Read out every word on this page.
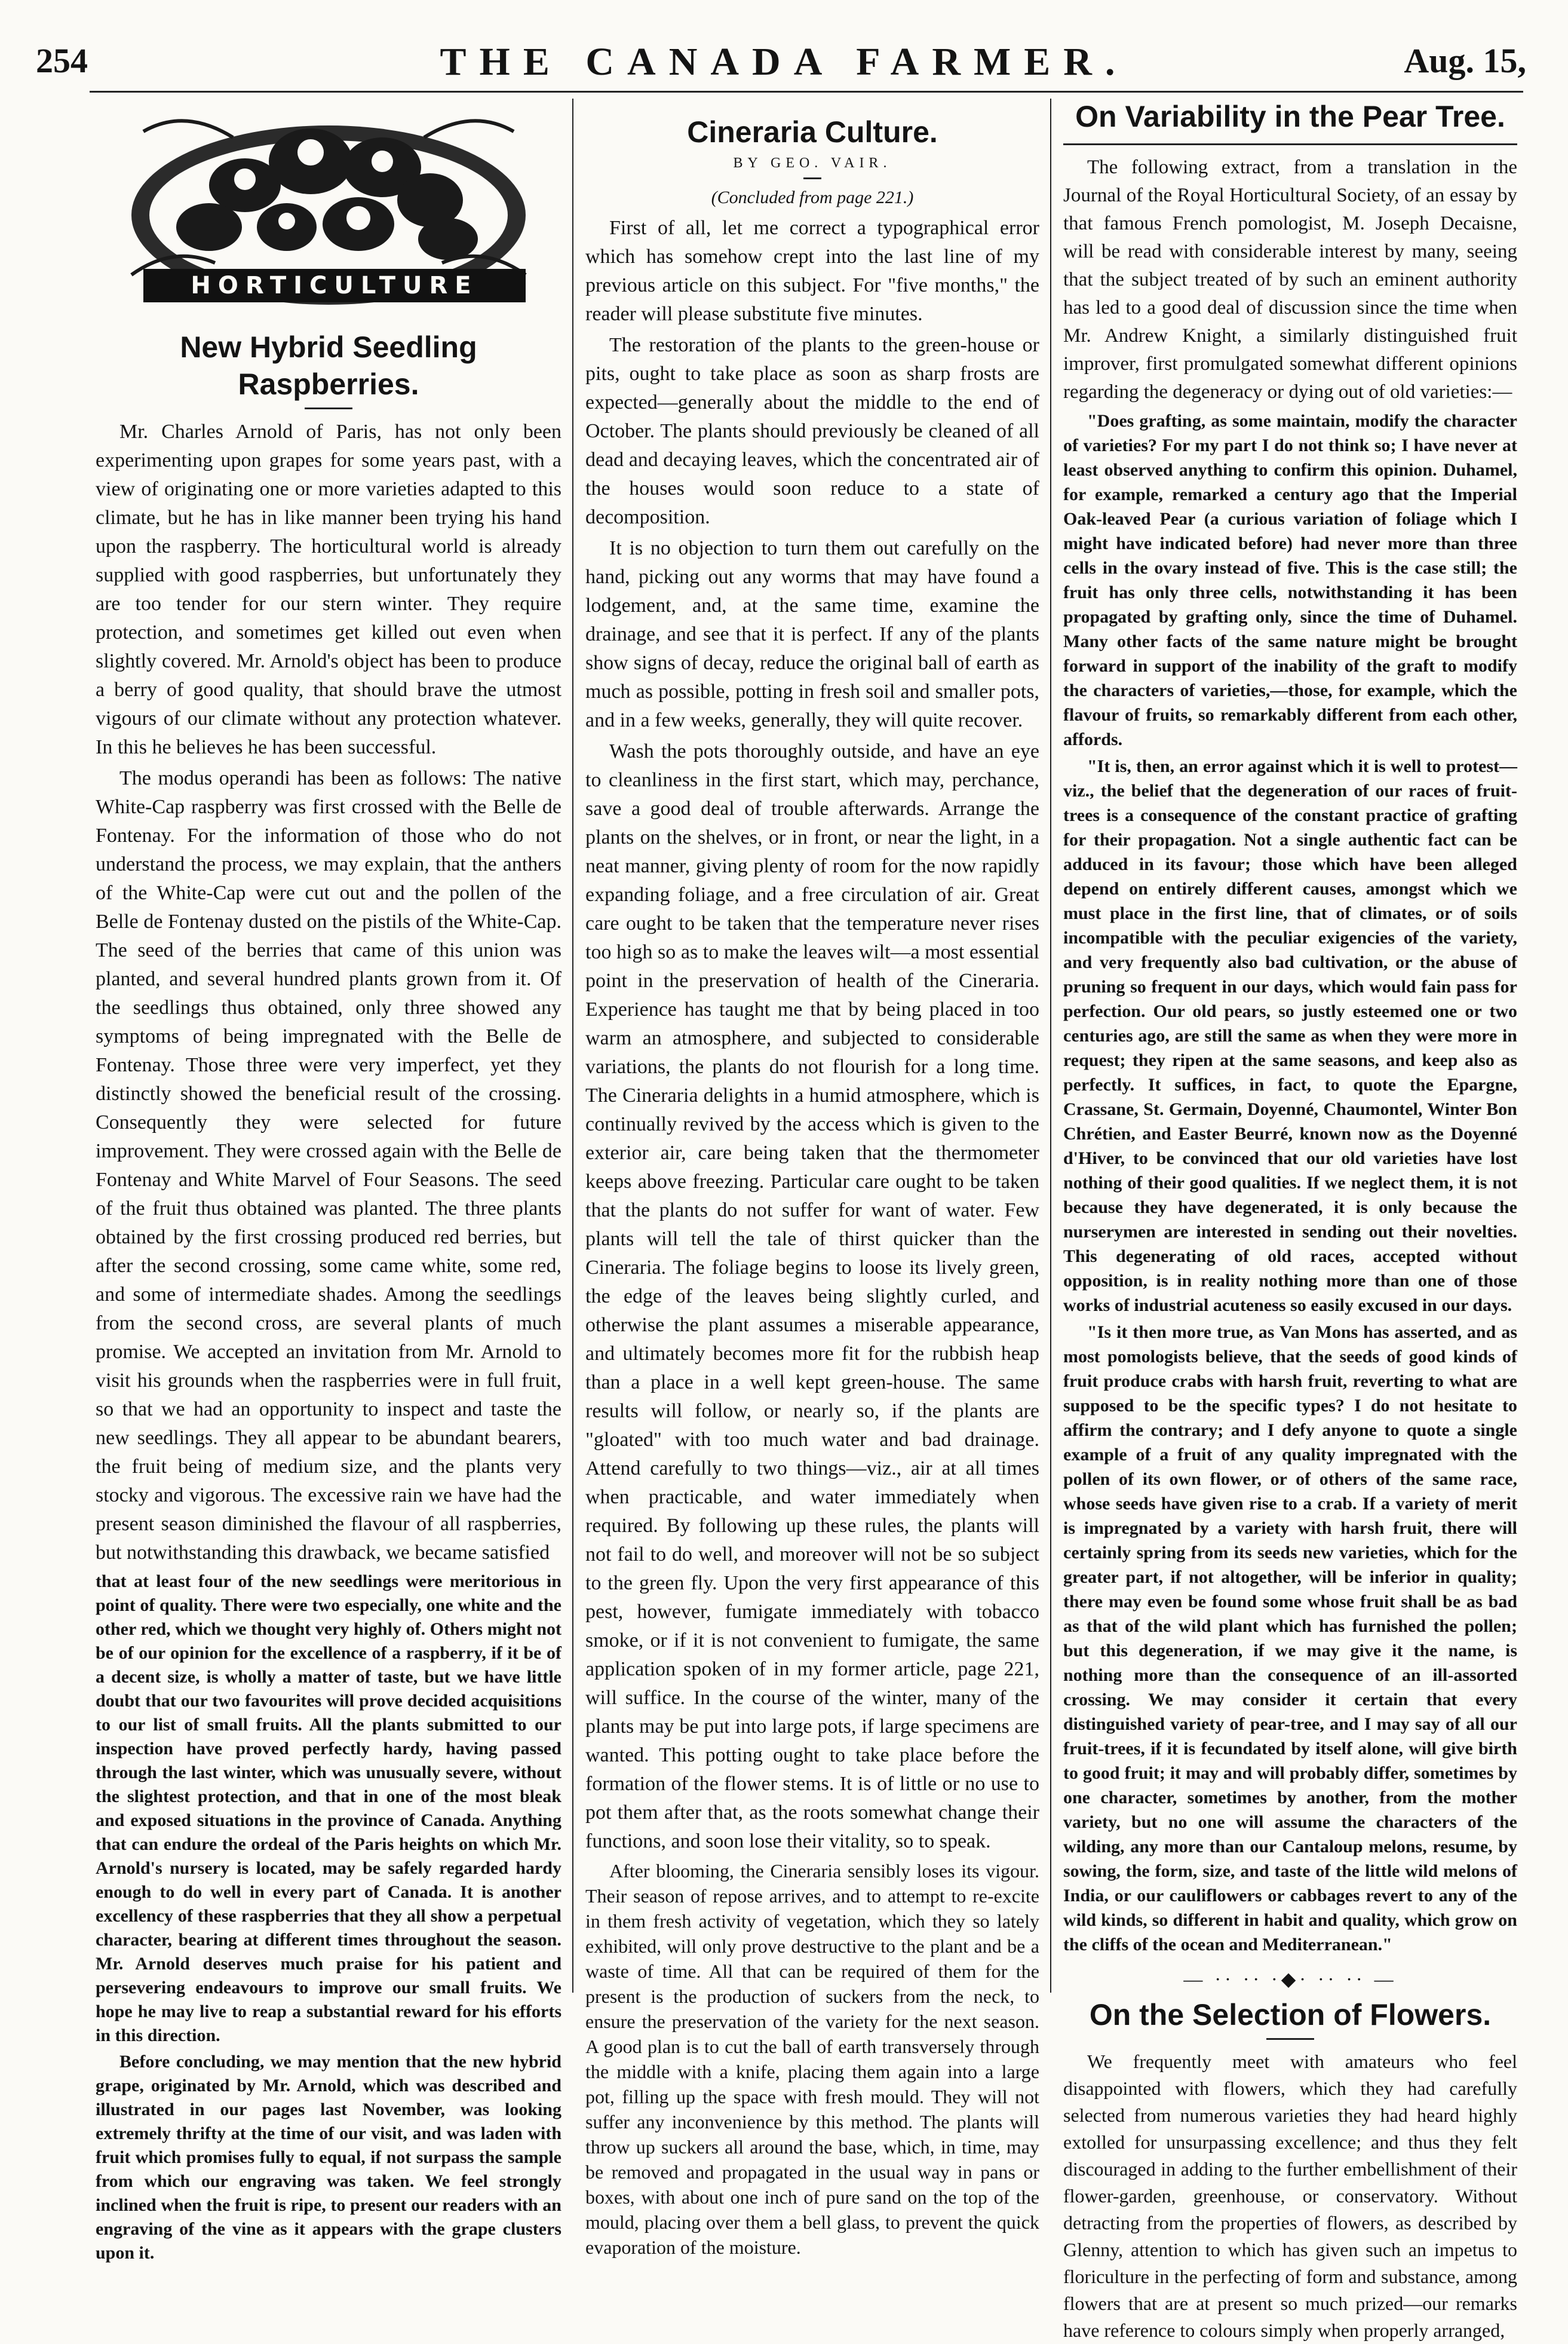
254	THE CANADA FARMER.	Aug. 15,
HORTICULTURE
New Hybrid Seedling Raspberries.

Mr. Charles Arnold of Paris, has not only been experimenting upon grapes for some years past, with a view of originating one or more varieties adapted to this climate, but he has in like manner been trying his hand upon the raspberry. The horticultural world is already supplied with good raspberries, but unfortunately they are too tender for our stern winter. They require protection, and sometimes get killed out even when slightly covered. Mr. Arnold's object has been to produce a berry of good quality, that should brave the utmost vigours of our climate without any protection whatever. In this he believes he has been successful.

The modus operandi has been as follows: The native White-Cap raspberry was first crossed with the Belle de Fontenay. For the information of those who do not understand the process, we may explain, that the anthers of the White-Cap were cut out and the pollen of the Belle de Fontenay dusted on the pistils of the White-Cap. The seed of the berries that came of this union was planted, and several hundred plants grown from it. Of the seedlings thus obtained, only three showed any symptoms of being impregnated with the Belle de Fontenay. Those three were very imperfect, yet they distinctly showed the beneficial result of the crossing. Consequently they were selected for future improvement. They were crossed again with the Belle de Fontenay and White Marvel of Four Seasons. The seed of the fruit thus obtained was planted. The three plants obtained by the first crossing produced red berries, but after the second crossing, some came white, some red, and some of intermediate shades. Among the seedlings from the second cross, are several plants of much promise. We accepted an invitation from Mr. Arnold to visit his grounds when the raspberries were in full fruit, so that we had an opportunity to inspect and taste the new seedlings. They all appear to be abundant bearers, the fruit being of medium size, and the plants very stocky and vigorous. The excessive rain we have had the present season diminished the flavour of all raspberries, but notwithstanding this drawback, we became satisfied

that at least four of the new seedlings were meritorious in point of quality. There were two especially, one white and the other red, which we thought very highly of. Others might not be of our opinion for the excellence of a raspberry, if it be of a decent size, is wholly a matter of taste, but we have little doubt that our two favourites will prove decided acquisitions to our list of small fruits. All the plants submitted to our inspection have proved perfectly hardy, having passed through the last winter, which was unusually severe, without the slightest protection, and that in one of the most bleak and exposed situations in the province of Canada. Anything that can endure the ordeal of the Paris heights on which Mr. Arnold's nursery is located, may be safely regarded hardy enough to do well in every part of Canada. It is another excellency of these raspberries that they all show a perpetual character, bearing at different times throughout the season. Mr. Arnold deserves much praise for his patient and persevering endeavours to improve our small fruits. We hope he may live to reap a substantial reward for his efforts in this direction.

Before concluding, we may mention that the new hybrid grape, originated by Mr. Arnold, which was described and illustrated in our pages last November, was looking extremely thrifty at the time of our visit, and was laden with fruit which promises fully to equal, if not surpass the sample from which our engraving was taken. We feel strongly inclined when the fruit is ripe, to present our readers with an engraving of the vine as it appears with the grape clusters upon it.

Cineraria Culture.
BY GEO. VAIR.
(Concluded from page 221.)

First of all, let me correct a typographical error which has somehow crept into the last line of my previous article on this subject. For "five months," the reader will please substitute five minutes.

The restoration of the plants to the green-house or pits, ought to take place as soon as sharp frosts are expected—generally about the middle to the end of October. The plants should previously be cleaned of all dead and decaying leaves, which the concentrated air of the houses would soon reduce to a state of decomposition.

It is no objection to turn them out carefully on the hand, picking out any worms that may have found a lodgement, and, at the same time, examine the drainage, and see that it is perfect. If any of the plants show signs of decay, reduce the original ball of earth as much as possible, potting in fresh soil and smaller pots, and in a few weeks, generally, they will quite recover.

Wash the pots thoroughly outside, and have an eye to cleanliness in the first start, which may, perchance, save a good deal of trouble afterwards. Arrange the plants on the shelves, or in front, or near the light, in a neat manner, giving plenty of room for the now rapidly expanding foliage, and a free circulation of air. Great care ought to be taken that the temperature never rises too high so as to make the leaves wilt—a most essential point in the preservation of health of the Cineraria. Experience has taught me that by being placed in too warm an atmosphere, and subjected to considerable variations, the plants do not flourish for a long time. The Cineraria delights in a humid atmosphere, which is continually revived by the access which is given to the exterior air, care being taken that the thermometer keeps above freezing. Particular care ought to be taken that the plants do not suffer for want of water. Few plants will tell the tale of thirst quicker than the Cineraria. The foliage begins to loose its lively green, the edge of the leaves being slightly curled, and otherwise the plant assumes a miserable appearance, and ultimately becomes more fit for the rubbish heap than a place in a well kept green-house. The same results will follow, or nearly so, if the plants are "gloated" with too much water and bad drainage. Attend carefully to two things—viz., air at all times when practicable, and water immediately when required. By following up these rules, the plants will not fail to do well, and moreover will not be so subject to the green fly. Upon the very first appearance of this pest, however, fumigate immediately with tobacco smoke, or if it is not convenient to fumigate, the same application spoken of in my former article, page 221, will suffice. In the course of the winter, many of the plants may be put into large pots, if large specimens are wanted. This potting ought to take place before the formation of the flower stems. It is of little or no use to pot them after that, as the roots somewhat change their functions, and soon lose their vitality, so to speak.

After blooming, the Cineraria sensibly loses its vigour. Their season of repose arrives, and to attempt to re-excite in them fresh activity of vegetation, which they so lately exhibited, will only prove destructive to the plant and be a waste of time. All that can be required of them for the present is the production of suckers from the neck, to ensure the preservation of the variety for the next season. A good plan is to cut the ball of earth transversely through the middle with a knife, placing them again into a large pot, filling up the space with fresh mould. They will not suffer any inconvenience by this method. The plants will throw up suckers all around the base, which, in time, may be removed and propagated in the usual way in pans or boxes, with about one inch of pure sand on the top of the mould, placing over them a bell glass, to prevent the quick evaporation of the moisture.

On Variability in the Pear Tree.

The following extract, from a translation in the Journal of the Royal Horticultural Society, of an essay by that famous French pomologist, M. Joseph Decaisne, will be read with considerable interest by many, seeing that the subject treated of by such an eminent authority has led to a good deal of discussion since the time when Mr. Andrew Knight, a similarly distinguished fruit improver, first promulgated somewhat different opinions regarding the degeneracy or dying out of old varieties:—

"Does grafting, as some maintain, modify the character of varieties? For my part I do not think so; I have never at least observed anything to confirm this opinion. Duhamel, for example, remarked a century ago that the Imperial Oak-leaved Pear (a curious variation of foliage which I might have indicated before) had never more than three cells in the ovary instead of five. This is the case still; the fruit has only three cells, notwithstanding it has been propagated by grafting only, since the time of Duhamel. Many other facts of the same nature might be brought forward in support of the inability of the graft to modify the characters of varieties,—those, for example, which the flavour of fruits, so remarkably different from each other, affords.

"It is, then, an error against which it is well to protest—viz., the belief that the degeneration of our races of fruit-trees is a consequence of the constant practice of grafting for their propagation. Not a single authentic fact can be adduced in its favour; those which have been alleged depend on entirely different causes, amongst which we must place in the first line, that of climates, or of soils incompatible with the peculiar exigencies of the variety, and very frequently also bad cultivation, or the abuse of pruning so frequent in our days, which would fain pass for perfection. Our old pears, so justly esteemed one or two centuries ago, are still the same as when they were more in request; they ripen at the same seasons, and keep also as perfectly. It suffices, in fact, to quote the Epargne, Crassane, St. Germain, Doyenné, Chaumontel, Winter Bon Chrétien, and Easter Beurré, known now as the Doyenné d'Hiver, to be convinced that our old varieties have lost nothing of their good qualities. If we neglect them, it is not because they have degenerated, it is only because the nurserymen are interested in sending out their novelties. This degenerating of old races, accepted without opposition, is in reality nothing more than one of those works of industrial acuteness so easily excused in our days.

"Is it then more true, as Van Mons has asserted, and as most pomologists believe, that the seeds of good kinds of fruit produce crabs with harsh fruit, reverting to what are supposed to be the specific types? I do not hesitate to affirm the contrary; and I defy anyone to quote a single example of a fruit of any quality impregnated with the pollen of its own flower, or of others of the same race, whose seeds have given rise to a crab. If a variety of merit is impregnated by a variety with harsh fruit, there will certainly spring from its seeds new varieties, which for the greater part, if not altogether, will be inferior in quality; there may even be found some whose fruit shall be as bad as that of the wild plant which has furnished the pollen; but this degeneration, if we may give it the name, is nothing more than the consequence of an ill-assorted crossing. We may consider it certain that every distinguished variety of pear-tree, and I may say of all our fruit-trees, if it is fecundated by itself alone, will give birth to good fruit; it may and will probably differ, sometimes by one character, sometimes by another, from the mother variety, but no one will assume the characters of the wilding, any more than our Cantaloup melons, resume, by sowing, the form, size, and taste of the little wild melons of India, or our cauliflowers or cabbages revert to any of the wild kinds, so different in habit and quality, which grow on the cliffs of the ocean and Mediterranean."

— ·· ·· ·◆· ·· ·· —
On the Selection of Flowers.

We frequently meet with amateurs who feel disappointed with flowers, which they had carefully selected from numerous varieties they had heard highly extolled for unsurpassing excellence; and thus they felt discouraged in adding to the further embellishment of their flower-garden, greenhouse, or conservatory. Without detracting from the properties of flowers, as described by Glenny, attention to which has given such an impetus to floriculture in the perfecting of form and substance, among flowers that are at present so much prized—our remarks have reference to colours simply when properly arranged,
